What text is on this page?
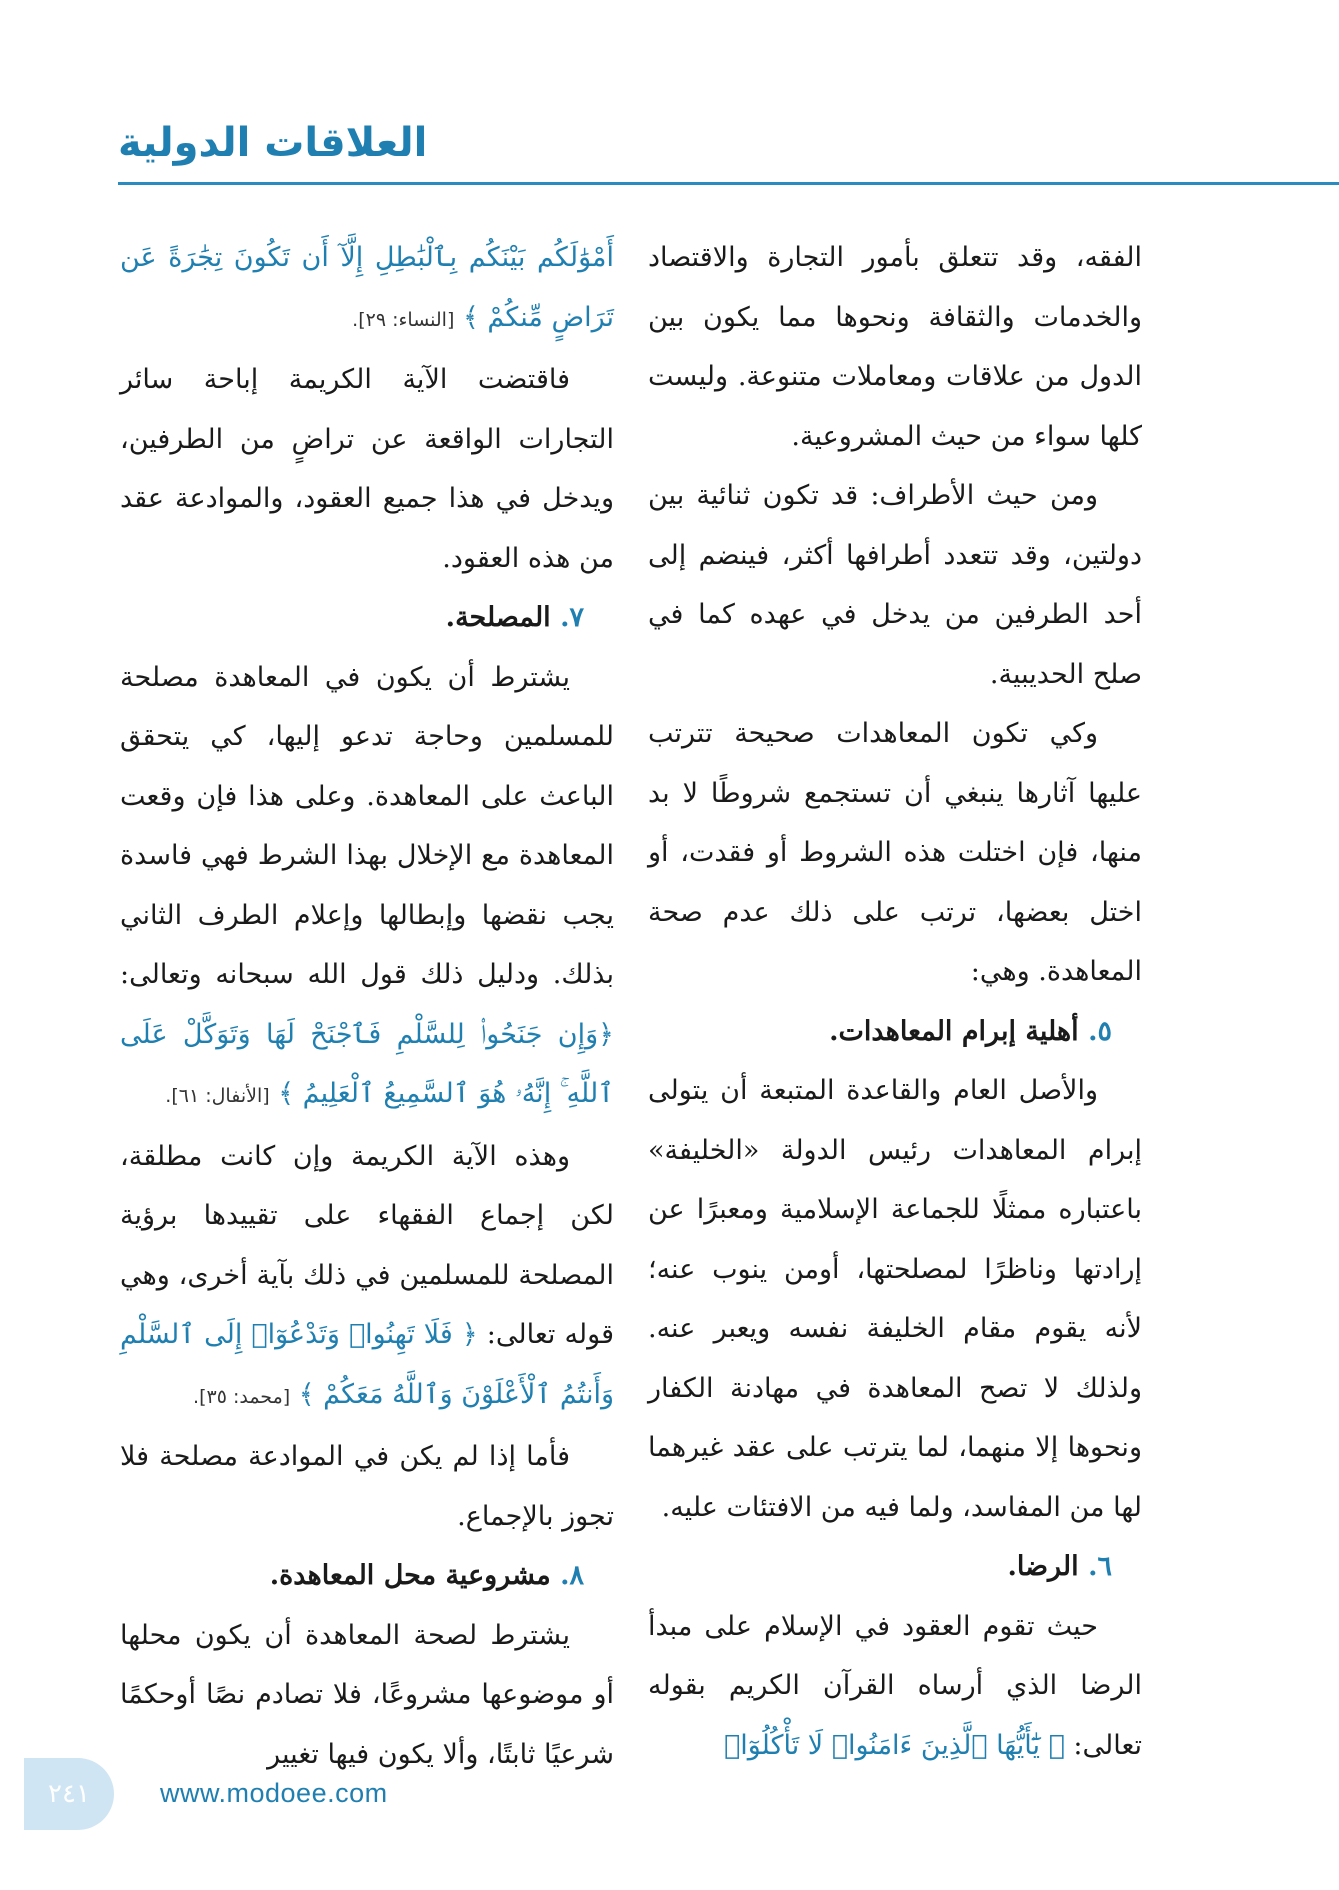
العلاقات الدولية

الفقه، وقد تتعلق بأمور التجارة والاقتصاد والخدمات والثقافة ونحوها مما يكون بين الدول من علاقات ومعاملات متنوعة. وليست كلها سواء من حيث المشروعية.

ومن حيث الأطراف: قد تكون ثنائية بين دولتين، وقد تتعدد أطرافها أكثر، فينضم إلى أحد الطرفين من يدخل في عهده كما في صلح الحديبية.

وكي تكون المعاهدات صحيحة تترتب عليها آثارها ينبغي أن تستجمع شروطًا لا بد منها، فإن اختلت هذه الشروط أو فقدت، أو اختل بعضها، ترتب على ذلك عدم صحة المعاهدة. وهي:

٥. أهلية إبرام المعاهدات.

والأصل العام والقاعدة المتبعة أن يتولى إبرام المعاهدات رئيس الدولة «الخليفة» باعتباره ممثلًا للجماعة الإسلامية ومعبرًا عن إرادتها وناظرًا لمصلحتها، أومن ينوب عنه؛ لأنه يقوم مقام الخليفة نفسه ويعبر عنه. ولذلك لا تصح المعاهدة في مهادنة الكفار ونحوها إلا منهما، لما يترتب على عقد غيرهما لها من المفاسد، ولما فيه من الافتئات عليه.

٦. الرضا.

حيث تقوم العقود في الإسلام على مبدأ الرضا الذي أرساه القرآن الكريم بقوله تعالى: ﴿ يَٰٓأَيُّهَا ٱلَّذِينَ ءَامَنُوا۟ لَا تَأْكُلُوٓا۟

أَمْوَٰلَكُم بَيْنَكُم بِٱلْبَٰطِلِ إِلَّآ أَن تَكُونَ تِجَٰرَةً عَن تَرَاضٍ مِّنكُمْ ﴾ [النساء: ٢٩].

فاقتضت الآية الكريمة إباحة سائر التجارات الواقعة عن تراضٍ من الطرفين، ويدخل في هذا جميع العقود، والموادعة عقد من هذه العقود.

٧. المصلحة.

يشترط أن يكون في المعاهدة مصلحة للمسلمين وحاجة تدعو إليها، كي يتحقق الباعث على المعاهدة. وعلى هذا فإن وقعت المعاهدة مع الإخلال بهذا الشرط فهي فاسدة يجب نقضها وإبطالها وإعلام الطرف الثاني بذلك. ودليل ذلك قول الله سبحانه وتعالى: ﴿وَإِن جَنَحُوا۟ لِلسَّلْمِ فَٱجْنَحْ لَهَا وَتَوَكَّلْ عَلَى ٱللَّهِ ۚ إِنَّهُۥ هُوَ ٱلسَّمِيعُ ٱلْعَلِيمُ ﴾ [الأنفال: ٦١].

وهذه الآية الكريمة وإن كانت مطلقة، لكن إجماع الفقهاء على تقييدها برؤية المصلحة للمسلمين في ذلك بآية أخرى، وهي قوله تعالى: ﴿ فَلَا تَهِنُوا۟ وَتَدْعُوٓا۟ إِلَى ٱلسَّلْمِ وَأَنتُمُ ٱلْأَعْلَوْنَ وَٱللَّهُ مَعَكُمْ ﴾ [محمد: ٣٥].

فأما إذا لم يكن في الموادعة مصلحة فلا تجوز بالإجماع.

٨. مشروعية محل المعاهدة.

يشترط لصحة المعاهدة أن يكون محلها أو موضوعها مشروعًا، فلا تصادم نصًا أوحكمًا شرعيًا ثابتًا، وألا يكون فيها تغيير

٢٤١	www.modoee.com
